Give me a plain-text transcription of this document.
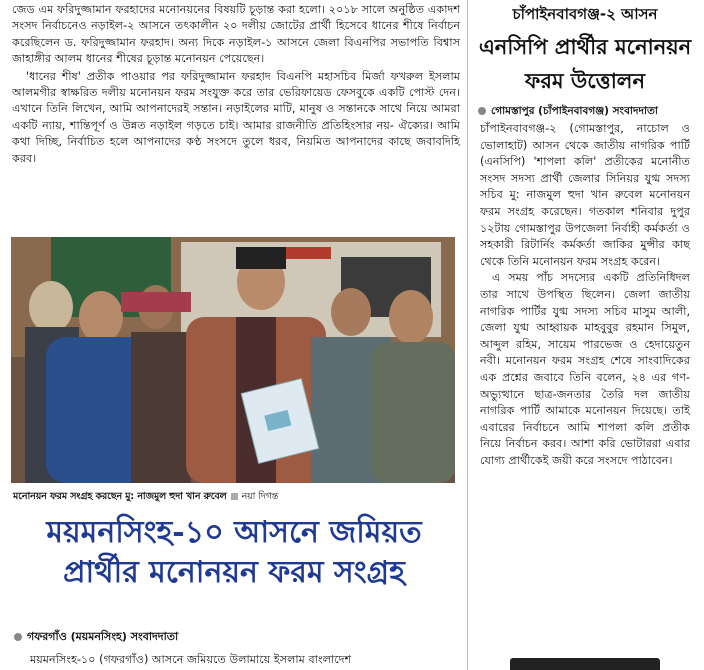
জেড এম ফরিদুজ্জামান ফরহাদের মনোনয়নের বিষয়টি চূড়ান্ত করা হলো। ২০১৮ সালে অনুষ্ঠিত একাদশ সংসদ নির্বাচনেও নড়াইল-২ আসনে তৎকালীন ২০ দলীয় জোটের প্রার্থী হিসেবে ধানের শীষে নির্বাচন করেছিলেন ড. ফরিদুজ্জামান ফরহাদ। অন্য দিকে নড়াইল-১ আসনে জেলা বিএনপির সভাপতি বিশ্বাস জাহাঙ্গীর আলম ধানের শীষের চূড়ান্ত মনোনয়ন পেয়েছেন।

'ধানের শীষ' প্রতীক পাওয়ার পর ফরিদুজ্জামান ফরহাদ বিএনপি মহাসচিব মির্জা ফখরুল ইসলাম আলমগীর স্বাক্ষরিত দলীয় মনোনয়ন ফরম সংযুক্ত করে তার ভেরিফায়েড ফেসবুকে একটি পোস্ট দেন। এখানে তিনি লিখেন, আমি আপনাদেরই সন্তান। নড়াইলের মাটি, মানুষ ও সন্তানকে সাথে নিয়ে আমরা একটি ন্যায়, শান্তিপূর্ণ ও উন্নত নড়াইল গড়তে চাই। আমার রাজনীতি প্রতিহিংসার নয়- ঐক্যের। আমি কথা দিচ্ছি, নির্বাচিত হলে আপনাদের কণ্ঠ সংসদে তুলে ধরব, নিয়মিত আপনাদের কাছে জবাবদিহি করব।

মনোনয়ন ফরম সংগ্রহ করছেন মু: নাজমুল হুদা খান রুবেল নয়া দিগন্ত
ময়মনসিংহ-১০ আসনে জমিয়ত
প্রার্থীর মনোনয়ন ফরম সংগ্রহ
গফরগাঁও (ময়মনসিংহ) সংবাদদাতা
ময়মনসিংহ-১০ (গফরগাঁও) আসনে জমিয়তে উলামায়ে ইসলাম বাংলাদেশ
চাঁপাইনবাবগঞ্জ-২ আসন
এনসিপি প্রার্থীর মনোনয়ন
ফরম উত্তোলন
গোমস্তাপুর (চাঁপাইনবাবগঞ্জ) সংবাদদাতা

চাঁপাইনবাবগঞ্জ-২ (গোমস্তাপুর, নাচোল ও ভোলাহাট) আসন থেকে জাতীয় নাগরিক পার্টি (এনসিপি) 'শাপলা কলি' প্রতীকের মনোনীত সংসদ সদস্য প্রার্থী জেলার সিনিয়র যুগ্ম সদস্য সচিব মু: নাজমুল হুদা খান রুবেল মনোনয়ন ফরম সংগ্রহ করেছেন। গতকাল শনিবার দুপুর ১২টায় গোমস্তাপুর উপজেলা নির্বাহী কর্মকর্তা ও সহকারী রিটার্নিং কর্মকর্তা জাকির মুন্সীর কাছ থেকে তিনি মনোনয়ন ফরম সংগ্রহ করেন।

এ সময় পাঁচ সদস্যের একটি প্রতিনিধিদল তার সাথে উপস্থিত ছিলেন। জেলা জাতীয় নাগরিক পার্টির যুগ্ম সদস্য সচিব মাসুম আলী, জেলা যুগ্ম আহ্বায়ক মাহবুবুর রহমান সিমুল, আব্দুল রহিম, সায়েম পারভেজ ও হেদায়েতুন নবী। মনোনয়ন ফরম সংগ্রহ শেষে সাংবাদিকের এক প্রশ্নের জবাবে তিনি বলেন, ২৪ এর গণ-অভ্যুত্থানে ছাত্র-জনতার তৈরি দল জাতীয় নাগরিক পার্টি আমাকে মনোনয়ন দিয়েছে। তাই এবারের নির্বাচনে আমি শাপলা কলি প্রতীক নিয়ে নির্বাচন করব। আশা করি ভোটাররা এবার যোগ্য প্রার্থীকেই জয়ী করে সংসদে পাঠাবেন।
